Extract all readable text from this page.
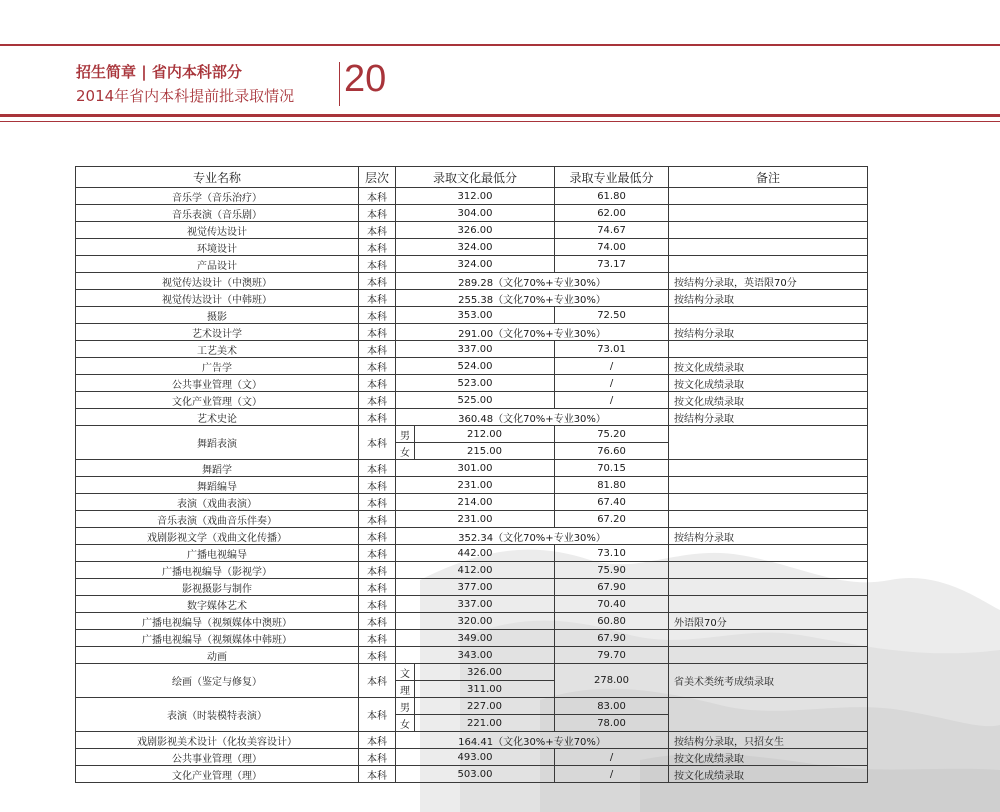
招生简章 | 省内本科部分
2014年省内本科提前批录取情况 20
专业名称	层次	录取文化最低分		录取专业最低分	备注
音乐学（音乐治疗）	本科	312.00		61.80	
音乐表演（音乐剧）	本科	304.00		62.00	
视觉传达设计	本科	326.00		74.67	
环境设计	本科	324.00		74.00	
产品设计	本科	324.00		73.17	
视觉传达设计（中澳班）	本科	289.28（文化70%+专业30%）			按结构分录取，英语限70分
视觉传达设计（中韩班）	本科	255.38（文化70%+专业30%）			按结构分录取
摄影	本科	353.00		72.50	
艺术设计学	本科	291.00（文化70%+专业30%）			按结构分录取
工艺美术	本科	337.00		73.01	
广告学	本科	524.00		/	按文化成绩录取
公共事业管理（文）	本科	523.00		/	按文化成绩录取
文化产业管理（文）	本科	525.00		/	按文化成绩录取
艺术史论	本科	360.48（文化70%+专业30%）			按结构分录取
舞蹈表演	本科	男	212.00	75.20	
		女	215.00	76.60	
舞蹈学	本科	301.00		70.15	
舞蹈编导	本科	231.00		81.80	
表演（戏曲表演）	本科	214.00		67.40	
音乐表演（戏曲音乐伴奏）	本科	231.00		67.20	
戏剧影视文学（戏曲文化传播）	本科	352.34（文化70%+专业30%）			按结构分录取
广播电视编导	本科	442.00		73.10	
广播电视编导（影视学）	本科	412.00		75.90	
影视摄影与制作	本科	377.00		67.90	
数字媒体艺术	本科	337.00		70.40	
广播电视编导（视频媒体中澳班）	本科	320.00		60.80	外语限70分
广播电视编导（视频媒体中韩班）	本科	349.00		67.90	
动画	本科	343.00		79.70	
绘画（鉴定与修复）	本科	文	326.00	278.00	省美术类统考成绩录取
		理	311.00		
表演（时装模特表演）	本科	男	227.00	83.00	
		女	221.00	78.00	
戏剧影视美术设计（化妆美容设计）	本科	164.41（文化30%+专业70%）			按结构分录取，只招女生
公共事业管理（理）	本科	493.00		/	按文化成绩录取
文化产业管理（理）	本科	503.00		/	按文化成绩录取
